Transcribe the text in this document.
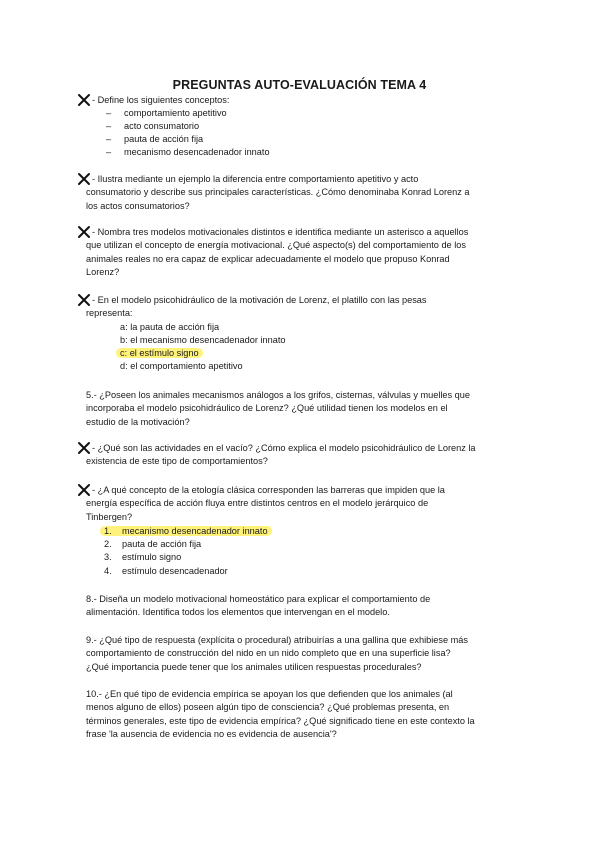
PREGUNTAS AUTO-EVALUACIÓN TEMA 4

- Define los siguientes conceptos:

– comportamiento apetitivo
– acto consumatorio
– pauta de acción fija
– mecanismo desencadenador innato

- Ilustra mediante un ejemplo la diferencia entre comportamiento apetitivo y acto

consumatorio y describe sus principales características. ¿Cómo denominaba Konrad Lorenz a

los actos consumatorios?

- Nombra tres modelos motivacionales distintos e identifica mediante un asterisco a aquellos

que utilizan el concepto de energía motivacional. ¿Qué aspecto(s) del comportamiento de los

animales reales no era capaz de explicar adecuadamente el modelo que propuso Konrad

Lorenz?

- En el modelo psicohidráulico de la motivación de Lorenz, el platillo con las pesas

representa:

a: la pauta de acción fija
b: el mecanismo desencadenador innato
c: el estímulo signo
d: el comportamiento apetitivo

5.- ¿Poseen los animales mecanismos análogos a los grifos, cisternas, válvulas y muelles que

incorporaba el modelo psicohidráulico de Lorenz? ¿Qué utilidad tienen los modelos en el

estudio de la motivación?

- ¿Qué son las actividades en el vacío? ¿Cómo explica el modelo psicohidráulico de Lorenz la

existencia de este tipo de comportamientos?

- ¿A qué concepto de la etología clásica corresponden las barreras que impiden que la

energía específica de acción fluya entre distintos centros en el modelo jerárquico de

Tinbergen?

1. mecanismo desencadenador innato
2. pauta de acción fija
3. estímulo signo
4. estímulo desencadenador

8.- Diseña un modelo motivacional homeostático para explicar el comportamiento de

alimentación. Identifica todos los elementos que intervengan en el modelo.

9.- ¿Qué tipo de respuesta (explícita o procedural) atribuirías a una gallina que exhibiese más

comportamiento de construcción del nido en un nido completo que en una superficie lisa?

¿Qué importancia puede tener que los animales utilicen respuestas procedurales?

10.- ¿En qué tipo de evidencia empírica se apoyan los que defienden que los animales (al

menos alguno de ellos) poseen algún tipo de consciencia? ¿Qué problemas presenta, en

términos generales, este tipo de evidencia empírica? ¿Qué significado tiene en este contexto la

frase 'la ausencia de evidencia no es evidencia de ausencia'?
